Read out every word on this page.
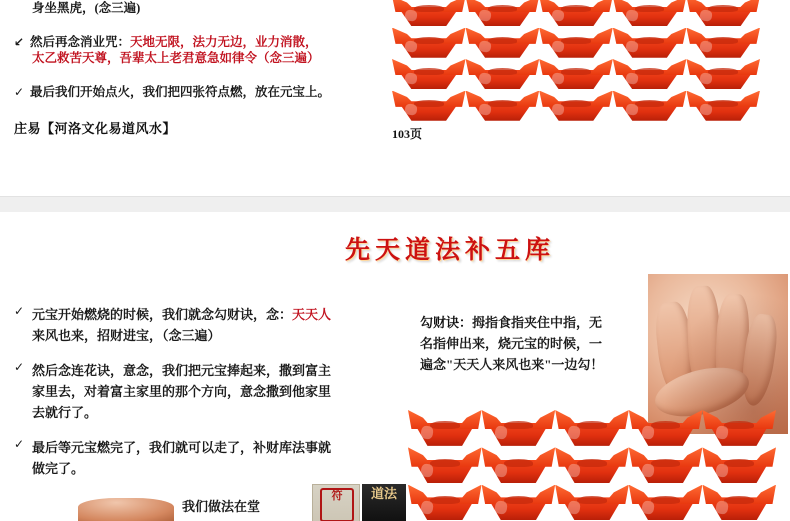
身坐黑虎，(念三遍)
↙ 然后再念消业咒：天地无限，法力无边，业力消散，
太乙救苦天尊，吾辈太上老君意急如律令（念三遍）
✓ 最后我们开始点火，我们把四张符点燃，放在元宝上。
庄易【河洛文化易道风水】	103页
先天道法补五库
✓ 元宝开始燃烧的时候，我们就念勾财诀，念：天天人
来风也来，招财进宝，（念三遍）
✓ 然后念连花诀，意念，我们把元宝捧起来，撒到富主
家里去，对着富主家里的那个方向，意念撒到他家里
去就行了。
✓ 最后等元宝燃完了，我们就可以走了，补财库法事就
做完了。
勾财诀：拇指食指夹住中指，无
名指伸出来，烧元宝的时候，一
遍念"天天人来风也来"一边勾！
我们做法在堂
符	道法
